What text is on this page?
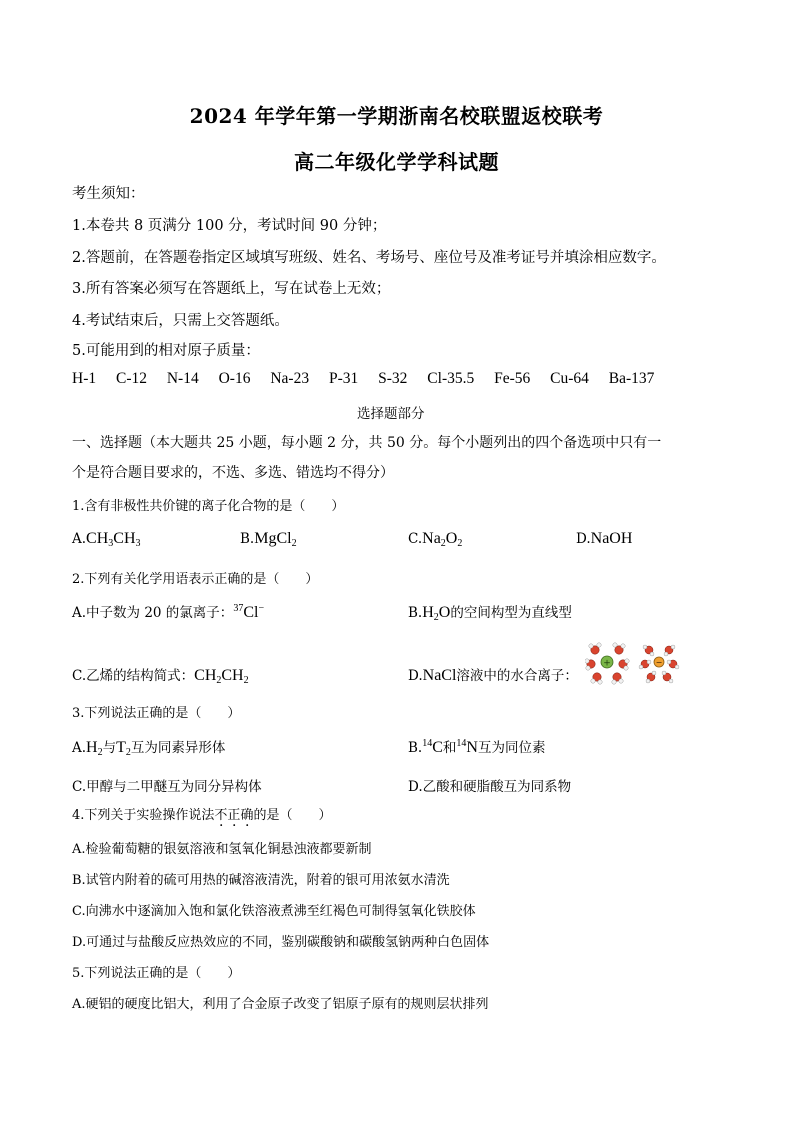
2024 年学年第一学期浙南名校联盟返校联考
高二年级化学学科试题
考生须知：
1.本卷共 8 页满分 100 分，考试时间 90 分钟；
2.答题前，在答题卷指定区域填写班级、姓名、考场号、座位号及准考证号并填涂相应数字。
3.所有答案必须写在答题纸上，写在试卷上无效；
4.考试结束后，只需上交答题纸。
5.可能用到的相对原子质量：
H-1 C-12 N-14 O-16 Na-23 P-31 S-32 Cl-35.5 Fe-56 Cu-64 Ba-137
选择题部分
一、选择题（本大题共 25 小题，每小题 2 分，共 50 分。每个小题列出的四个备选项中只有一
个是符合题目要求的，不选、多选、错选均不得分）
1.含有非极性共价键的离子化合物的是（　　）
$A.CH_3CH_3$	B.MgCl$_2$	$C.Na_2O_2$	D.NaOH
2.下列有关化学用语表示正确的是（　　）
A.中子数为 20 的氯离子：$^{37}$Cl−	$B.H_2O$的空间构型为直线型
C.乙烯的结构简式：$CH_2CH_2$	D.NaCl溶液中的水合离子：
+	−
3.下列说法正确的是（　　）
$A.H_2$与$T_2$互为同素异形体	B.$^{14}$C和$^{14}$N互为同位素
C.甲醇与二甲醚互为同分异构体	D.乙酸和硬脂酸互为同系物
4.下列关于实验操作说法不正确的是（　　）
A.检验葡萄糖的银氨溶液和氢氧化铜悬浊液都要新制
B.试管内附着的硫可用热的碱溶液清洗，附着的银可用浓氨水清洗
C.向沸水中逐滴加入饱和氯化铁溶液煮沸至红褐色可制得氢氧化铁胶体
D.可通过与盐酸反应热效应的不同，鉴别碳酸钠和碳酸氢钠两种白色固体
5.下列说法正确的是（　　）
A.硬铝的硬度比铝大，利用了合金原子改变了铝原子原有的规则层状排列
